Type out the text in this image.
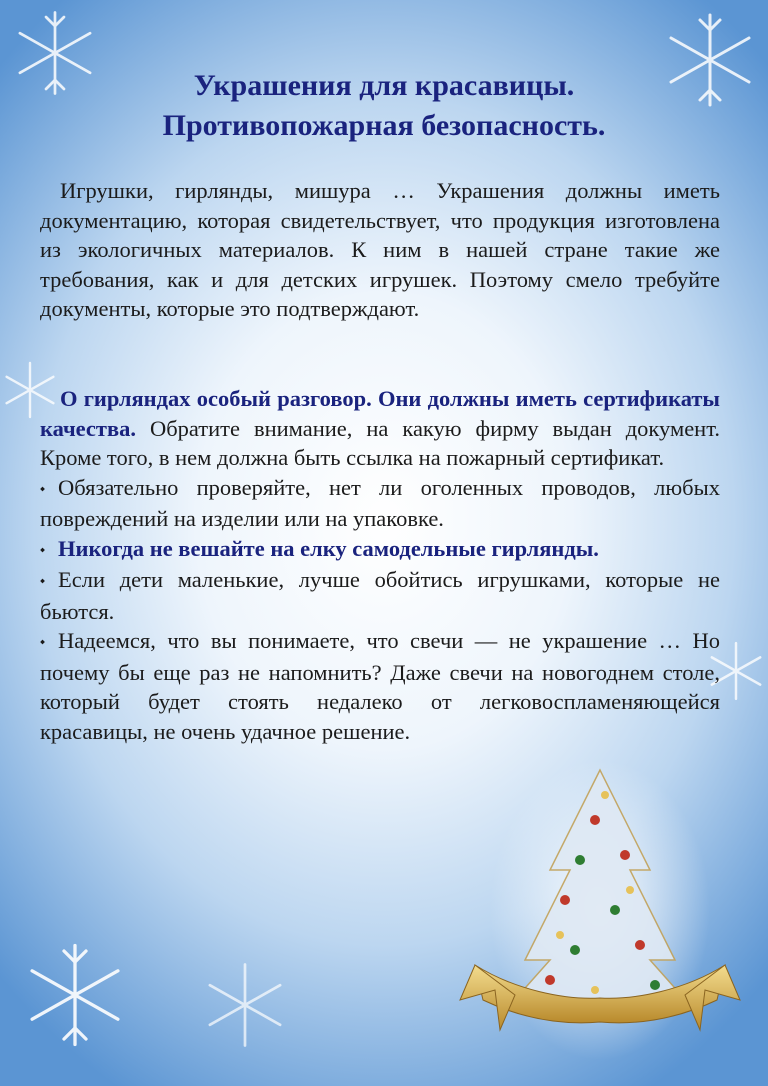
Украшения для красавицы.
Противопожарная безопасность.
Игрушки, гирлянды, мишура … Украшения должны иметь документацию, которая свидетельствует, что продукция изготовлена из экологичных материалов. К ним в нашей стране такие же требования, как и для детских игрушек. Поэтому смело требуйте документы, которые это подтверждают.
О гирляндах особый разговор. Они должны иметь сертификаты качества. Обратите внимание, на какую фирму выдан документ. Кроме того, в нем должна быть ссылка на пожарный сертификат.
⬩ Обязательно проверяйте, нет ли оголенных проводов, любых повреждений на изделии или на упаковке.
⬩ Никогда не вешайте на елку самодельные гирлянды.
⬩ Если дети маленькие, лучше обойтись игрушками, которые не бьются.
⬩ Надеемся, что вы понимаете, что свечи — не украшение … Но почему бы еще раз не напомнить? Даже свечи на новогоднем столе, который будет стоять недалеко от легковоспламеняющейся красавицы, не очень удачное решение.
